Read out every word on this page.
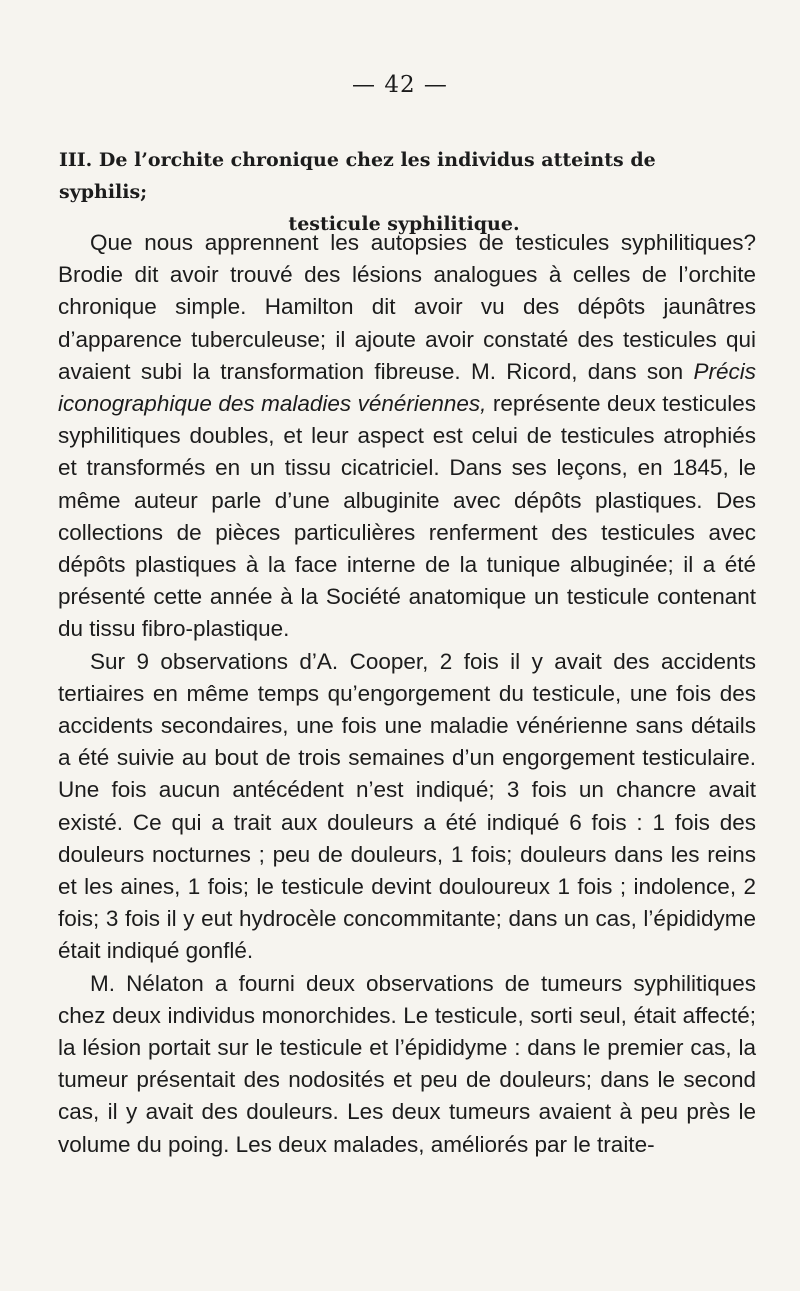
— 42 —
III. De l’orchite chronique chez les individus atteints de syphilis;
testicule syphilitique.

Que nous apprennent les autopsies de testicules syphilitiques? Brodie dit avoir trouvé des lésions analogues à celles de l’orchite chronique simple. Hamilton dit avoir vu des dépôts jaunâtres d’apparence tuberculeuse; il ajoute avoir constaté des testicules qui avaient subi la transformation fibreuse. M. Ricord, dans son Précis iconographique des maladies vénériennes, représente deux testicules syphilitiques doubles, et leur aspect est celui de testicules atrophiés et transformés en un tissu cicatriciel. Dans ses leçons, en 1845, le même auteur parle d’une albuginite avec dépôts plastiques. Des collections de pièces particulières renferment des testicules avec dépôts plastiques à la face interne de la tunique albuginée; il a été présenté cette année à la Société anatomique un testicule contenant du tissu fibro-plastique.

Sur 9 observations d’A. Cooper, 2 fois il y avait des accidents tertiaires en même temps qu’engorgement du testicule, une fois des accidents secondaires, une fois une maladie vénérienne sans détails a été suivie au bout de trois semaines d’un engorgement testiculaire. Une fois aucun antécédent n’est indiqué; 3 fois un chancre avait existé. Ce qui a trait aux douleurs a été indiqué 6 fois : 1 fois des douleurs nocturnes ; peu de douleurs, 1 fois; douleurs dans les reins et les aines, 1 fois; le testicule devint douloureux 1 fois ; indolence, 2 fois; 3 fois il y eut hydrocèle concommitante; dans un cas, l’épididyme était indiqué gonflé.

M. Nélaton a fourni deux observations de tumeurs syphilitiques chez deux individus monorchides. Le testicule, sorti seul, était affecté; la lésion portait sur le testicule et l’épididyme : dans le premier cas, la tumeur présentait des nodosités et peu de douleurs; dans le second cas, il y avait des douleurs. Les deux tumeurs avaient à peu près le volume du poing. Les deux malades, améliorés par le traite-
